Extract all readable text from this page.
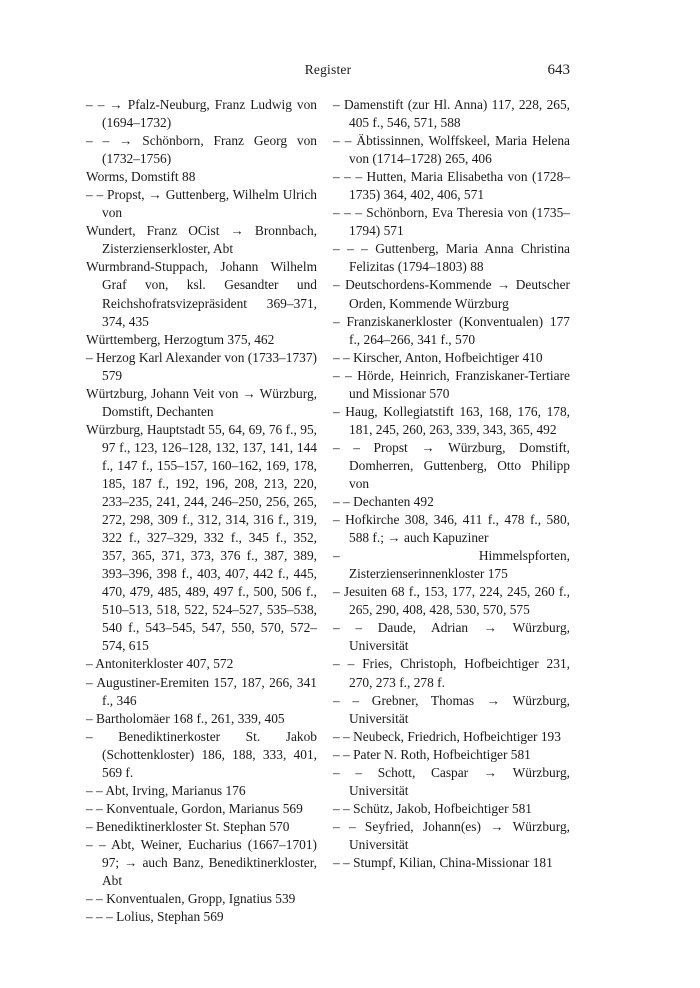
Register	643
– – → Pfalz-Neuburg, Franz Ludwig von (1694–1732)
– – → Schönborn, Franz Georg von (1732–1756)
Worms, Domstift 88
– – Propst, → Guttenberg, Wilhelm Ulrich von
Wundert, Franz OCist → Bronnbach, Zisterzienserkloster, Abt
Wurmbrand-Stuppach, Johann Wilhelm Graf von, ksl. Gesandter und Reichshofratsvizepräsident 369–371, 374, 435
Württemberg, Herzogtum 375, 462
– Herzog Karl Alexander von (1733–1737) 579
Würtzburg, Johann Veit von → Würzburg, Domstift, Dechanten
Würzburg, Hauptstadt 55, 64, 69, 76 f., 95, 97 f., 123, 126–128, 132, 137, 141, 144 f., 147 f., 155–157, 160–162, 169, 178, 185, 187 f., 192, 196, 208, 213, 220, 233–235, 241, 244, 246–250, 256, 265, 272, 298, 309 f., 312, 314, 316 f., 319, 322 f., 327–329, 332 f., 345 f., 352, 357, 365, 371, 373, 376 f., 387, 389, 393–396, 398 f., 403, 407, 442 f., 445, 470, 479, 485, 489, 497 f., 500, 506 f., 510–513, 518, 522, 524–527, 535–538, 540 f., 543–545, 547, 550, 570, 572–574, 615
– Antoniterkloster 407, 572
– Augustiner-Eremiten 157, 187, 266, 341 f., 346
– Bartholomäer 168 f., 261, 339, 405
– Benediktinerkoster St. Jakob (Schottenkloster) 186, 188, 333, 401, 569 f.
– – Abt, Irving, Marianus 176
– – Konventuale, Gordon, Marianus 569
– Benediktinerkloster St. Stephan 570
– – Abt, Weiner, Eucharius (1667–1701) 97; → auch Banz, Benediktinerkloster, Abt
– – Konventualen, Gropp, Ignatius 539
– – – Lolius, Stephan 569
– Damenstift (zur Hl. Anna) 117, 228, 265, 405 f., 546, 571, 588
– – Äbtissinnen, Wolffskeel, Maria Helena von (1714–1728) 265, 406
– – – Hutten, Maria Elisabetha von (1728–1735) 364, 402, 406, 571
– – – Schönborn, Eva Theresia von (1735–1794) 571
– – – Guttenberg, Maria Anna Christina Felizitas (1794–1803) 88
– Deutschordens-Kommende → Deutscher Orden, Kommende Würzburg
– Franziskanerkloster (Konventualen) 177 f., 264–266, 341 f., 570
– – Kirscher, Anton, Hofbeichtiger 410
– – Hörde, Heinrich, Franziskaner-Tertiare und Missionar 570
– Haug, Kollegiatstift 163, 168, 176, 178, 181, 245, 260, 263, 339, 343, 365, 492
– – Propst → Würzburg, Domstift, Domherren, Guttenberg, Otto Philipp von
– – Dechanten 492
– Hofkirche 308, 346, 411 f., 478 f., 580, 588 f.; → auch Kapuziner
– Himmelspforten, Zisterzienserinnenkloster 175
– Jesuiten 68 f., 153, 177, 224, 245, 260 f., 265, 290, 408, 428, 530, 570, 575
– – Daude, Adrian → Würzburg, Universität
– – Fries, Christoph, Hofbeichtiger 231, 270, 273 f., 278 f.
– – Grebner, Thomas → Würzburg, Universität
– – Neubeck, Friedrich, Hofbeichtiger 193
– – Pater N. Roth, Hofbeichtiger 581
– – Schott, Caspar → Würzburg, Universität
– – Schütz, Jakob, Hofbeichtiger 581
– – Seyfried, Johann(es) → Würzburg, Universität
– – Stumpf, Kilian, China-Missionar 181
